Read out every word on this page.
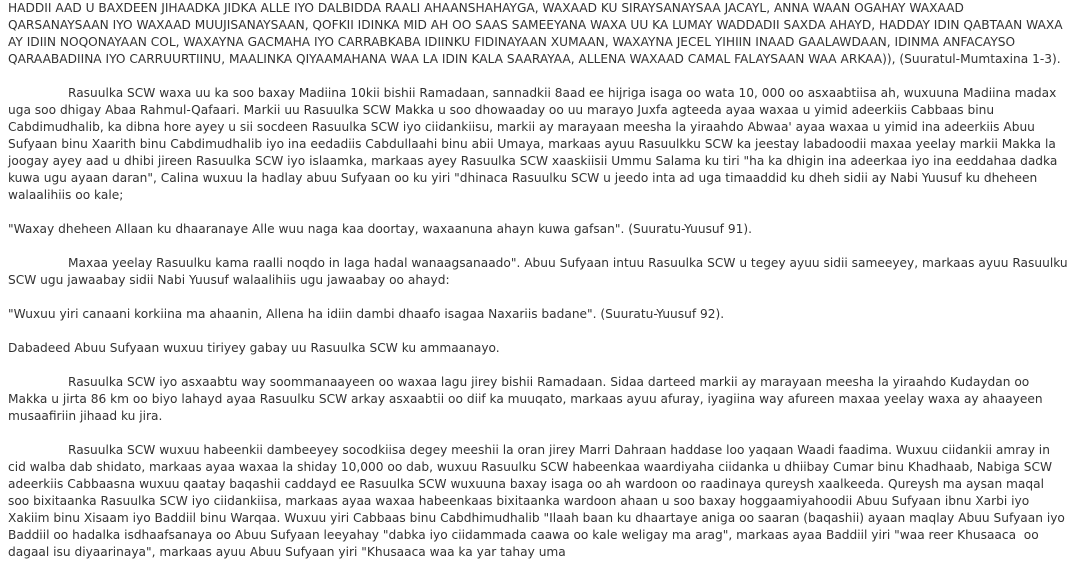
HADDII AAD U BAXDEEN JIHAADKA JIDKA ALLE IYO DALBIDDA RAALI AHAANSHAHAYGA, WAXAAD KU SIRAYSANAYSAA JACAYL, ANNA WAAN OGAHAY WAXAAD QARSANAYSAAN IYO WAXAAD MUUJISANAYSAAN, QOFKII IDINKA MID AH OO SAAS SAMEEYANA WAXA UU KA LUMAY WADDADII SAXDA AHAYD, HADDAY IDIN QABTAAN WAXA AY IDIIN NOQONAYAAN COL, WAXAYNA GACMAHA IYO CARRABKABA IDIINKU FIDINAYAAN XUMAAN, WAXAYNA JECEL YIHIIN INAAD GAALAWDAAN, IDINMA ANFACAYSO QARAABADIINA IYO CARRUURTIINU, MAALINKA QIYAAMAHANA WAA LA IDIN KALA SAARAYAA, ALLENA WAXAAD CAMAL FALAYSAAN WAA ARKAA)), (Suuratul-Mumtaxina 1-3).

Rasuulka SCW waxa uu ka soo baxay Madiina 10kii bishii Ramadaan, sannadkii 8aad ee hijriga isaga oo wata 10, 000 oo asxaabtiisa ah, wuxuuna Madiina madax uga soo dhigay Abaa Rahmul-Qafaari. Markii uu Rasuulka SCW Makka u soo dhowaaday oo uu marayo Juxfa agteeda ayaa waxaa u yimid adeerkiis Cabbaas binu Cabdimudhalib, ka dibna hore ayey u sii socdeen Rasuulka SCW iyo ciidankiisu, markii ay marayaan meesha la yiraahdo Abwaa' ayaa waxaa u yimid ina adeerkiis Abuu Sufyaan binu Xaarith binu Cabdimudhalib iyo ina eedadiis Cabdullaahi binu abii Umaya, markaas ayuu Rasuulkku SCW ka jeestay labadoodii maxaa yeelay markii Makka la joogay ayey aad u dhibi jireen Rasuulka SCW iyo islaamka, markaas ayey Rasuulka SCW xaaskiisii Ummu Salama ku tiri "ha ka dhigin ina adeerkaa iyo ina eeddahaa dadka kuwa ugu ayaan daran", Calina wuxuu la hadlay abuu Sufyaan oo ku yiri "dhinaca Rasuulku SCW u jeedo inta ad uga timaaddid ku dheh sidii ay Nabi Yuusuf ku dheheen walaalihiis oo kale;

"Waxay dheheen Allaan ku dhaaranaye Alle wuu naga kaa doortay, waxaanuna ahayn kuwa gafsan". (Suuratu-Yuusuf 91).

Maxaa yeelay Rasuulku kama raalli noqdo in laga hadal wanaagsanaado". Abuu Sufyaan intuu Rasuulka SCW u tegey ayuu sidii sameeyey, markaas ayuu Rasuulku SCW ugu jawaabay sidii Nabi Yuusuf walaalihiis ugu jawaabay oo ahayd:

"Wuxuu yiri canaani korkiina ma ahaanin, Allena ha idiin dambi dhaafo isagaa Naxariis badane". (Suuratu-Yuusuf 92).

Dabadeed Abuu Sufyaan wuxuu tiriyey gabay uu Rasuulka SCW ku ammaanayo.

Rasuulka SCW iyo asxaabtu way soommanaayeen oo waxaa lagu jirey bishii Ramadaan. Sidaa darteed markii ay marayaan meesha la yiraahdo Kudaydan oo Makka u jirta 86 km oo biyo lahayd ayaa Rasuulku SCW arkay asxaabtii oo diif ka muuqato, markaas ayuu afuray, iyagiina way afureen maxaa yeelay waxa ay ahaayeen musaafiriin jihaad ku jira.

Rasuulka SCW wuxuu habeenkii dambeeyey socodkiisa degey meeshii la oran jirey Marri Dahraan haddase loo yaqaan Waadi faadima. Wuxuu ciidankii amray in cid walba dab shidato, markaas ayaa waxaa la shiday 10,000 oo dab, wuxuu Rasuulku SCW habeenkaa waardiyaha ciidanka u dhiibay Cumar binu Khadhaab, Nabiga SCW adeerkiis Cabbaasna wuxuu qaatay baqashii caddayd ee Rasuulka SCW wuxuuna baxay isaga oo ah wardoon oo raadinaya qureysh xaalkeeda. Qureysh ma aysan maqal soo bixitaanka Rasuulka SCW iyo ciidankiisa, markaas ayaa waxaa habeenkaas bixitaanka wardoon ahaan u soo baxay hoggaamiyahoodii Abuu Sufyaan ibnu Xarbi iyo Xakiim binu Xisaam iyo Baddiil binu Warqaa. Wuxuu yiri Cabbaas binu Cabdhimudhalib "Ilaah baan ku dhaartaye aniga oo saaran (baqashii) ayaan maqlay Abuu Sufyaan iyo Baddiil oo hadalka isdhaafsanaya oo Abuu Sufyaan leeyahay "dabka iyo ciidammada caawa oo kale weligay ma arag", markaas ayaa Baddiil yiri "waa reer Khusaaca  oo dagaal isu diyaarinaya", markaas ayuu Abuu Sufyaan yiri "Khusaaca waa ka yar tahay uma
